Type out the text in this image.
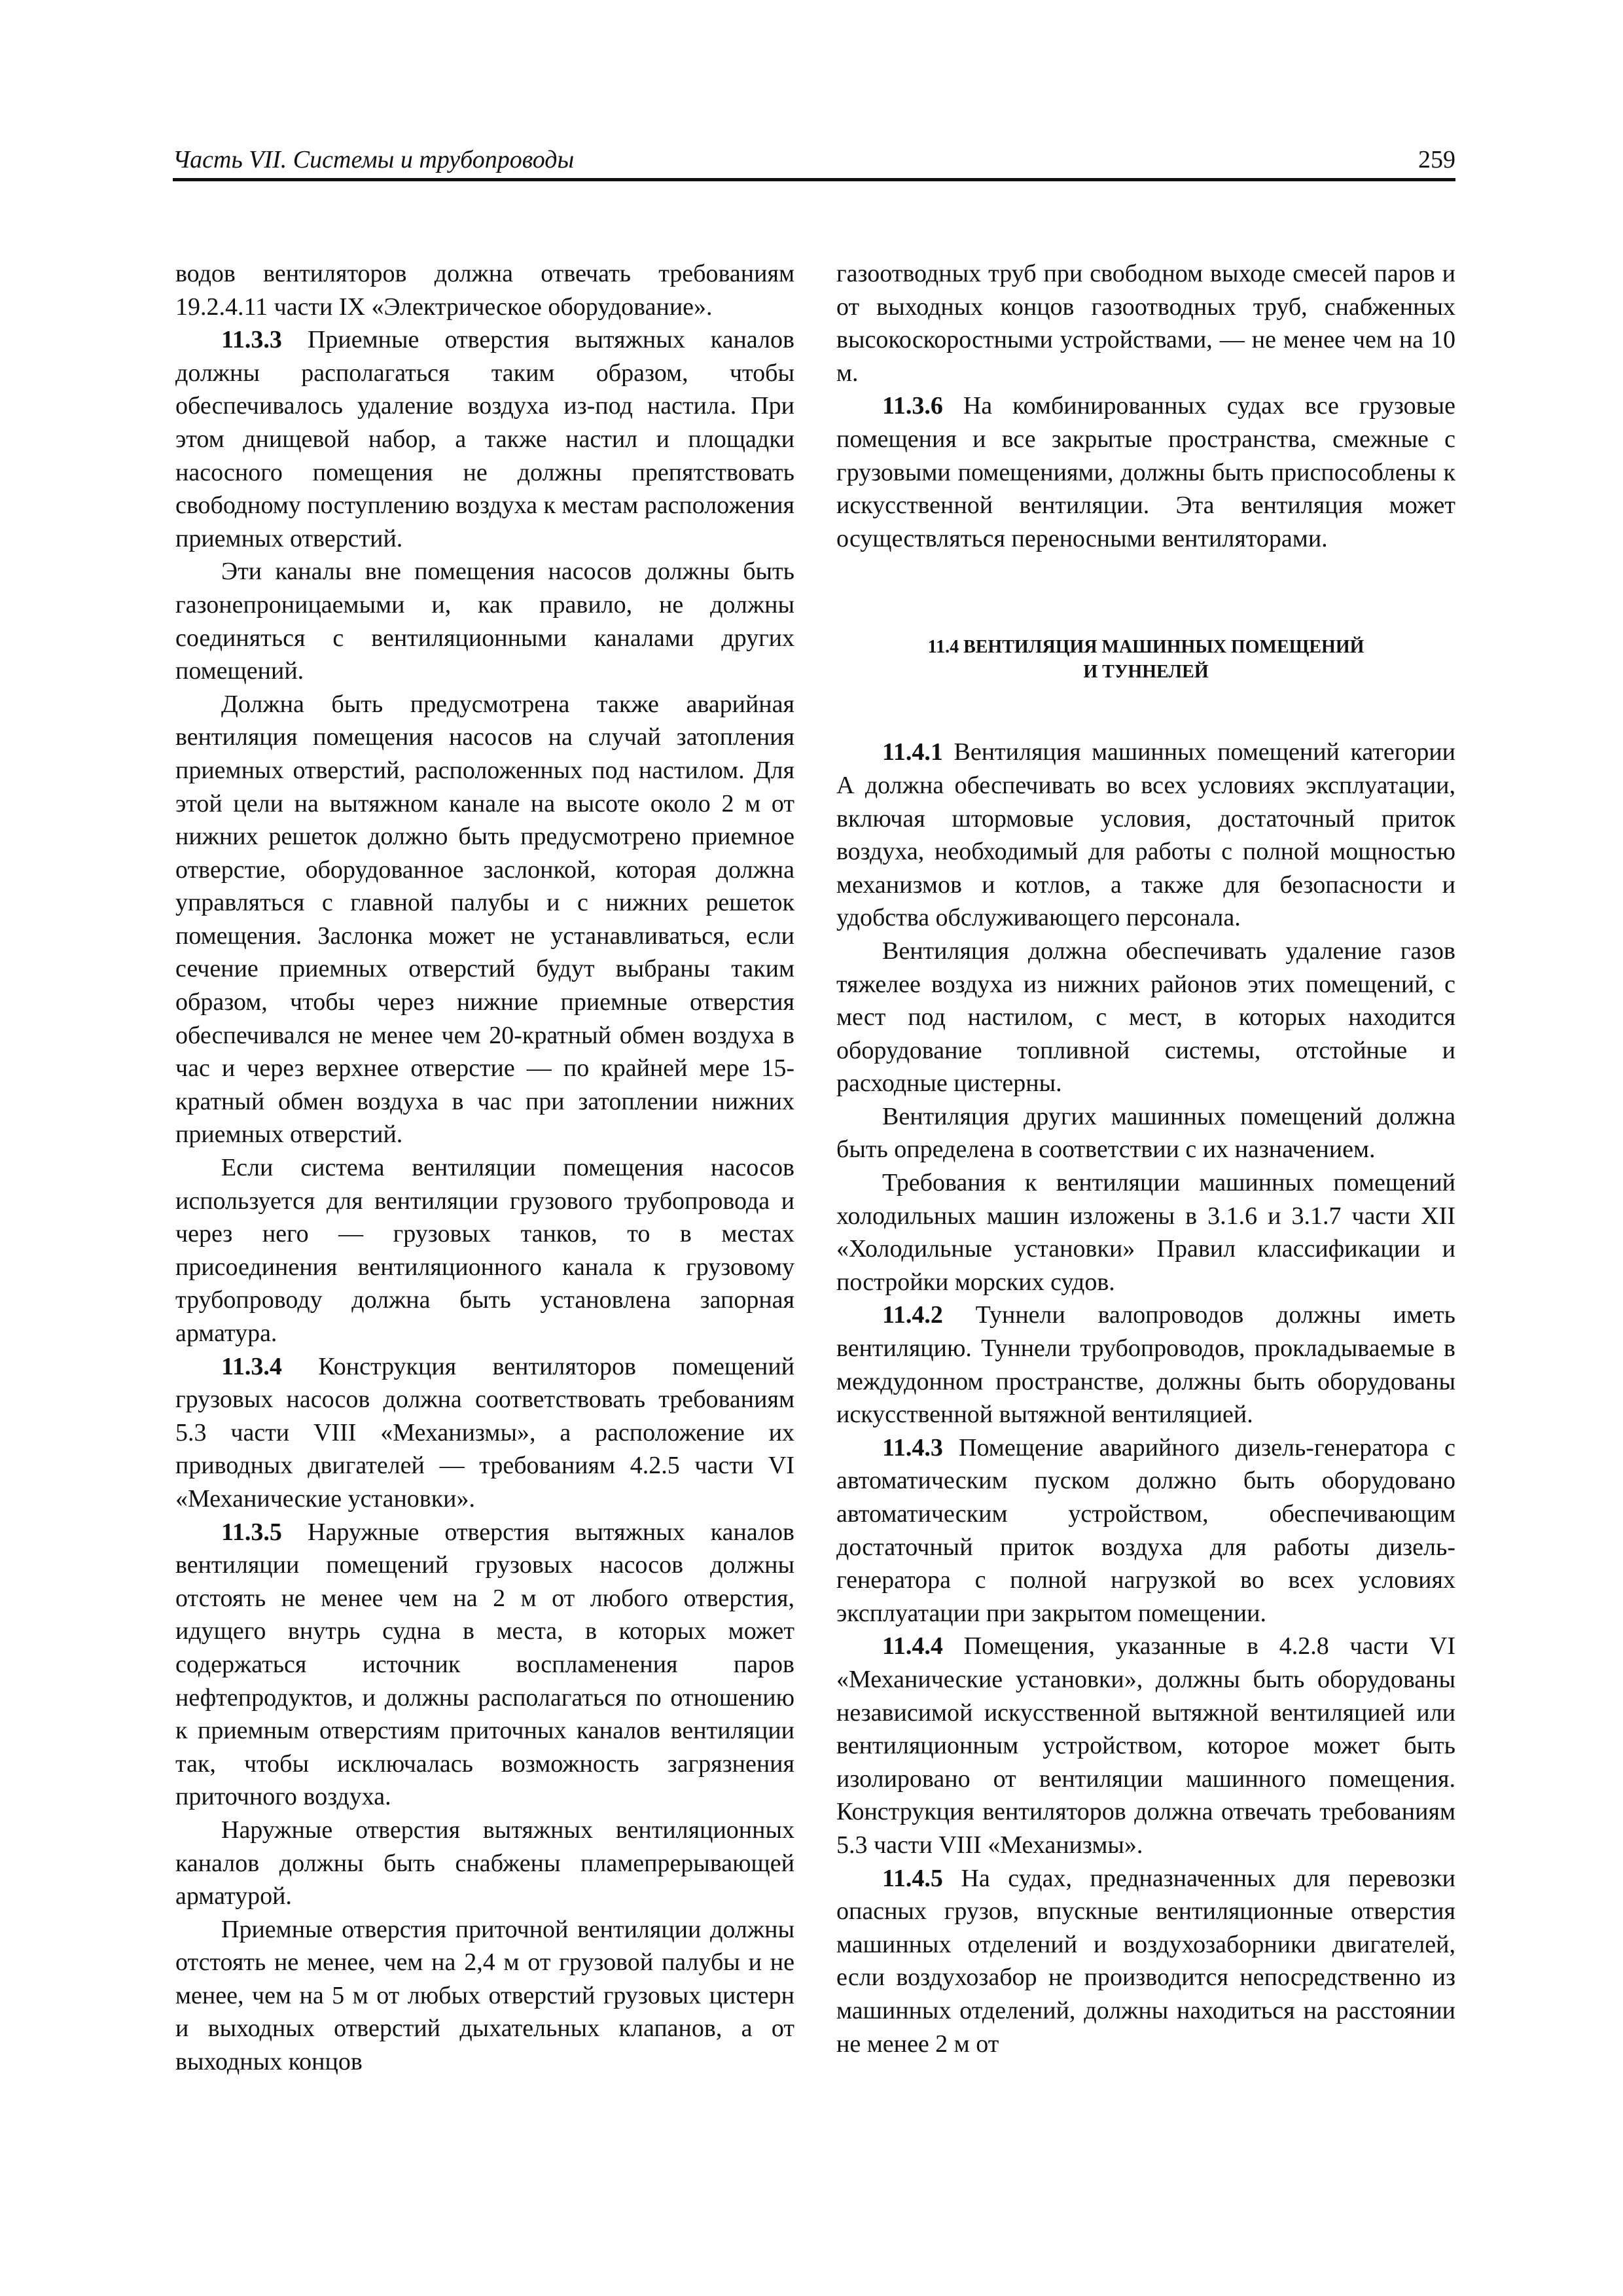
Часть VII. Системы и трубопроводы	259

водов вентиляторов должна отвечать требованиям 19.2.4.11 части IX «Электрическое оборудование».

11.3.3 Приемные отверстия вытяжных каналов должны располагаться таким образом, чтобы обеспечивалось удаление воздуха из-под настила. При этом днищевой набор, а также настил и площадки насосного помещения не должны препятствовать свободному поступлению воздуха к местам расположения приемных отверстий.

Эти каналы вне помещения насосов должны быть газонепроницаемыми и, как правило, не должны соединяться с вентиляционными каналами других помещений.

Должна быть предусмотрена также аварийная вентиляция помещения насосов на случай затопления приемных отверстий, расположенных под настилом. Для этой цели на вытяжном канале на высоте около 2 м от нижних решеток должно быть предусмотрено приемное отверстие, оборудованное заслонкой, которая должна управляться с главной палубы и с нижних решеток помещения. Заслонка может не устанавливаться, если сечение приемных отверстий будут выбраны таким образом, чтобы через нижние приемные отверстия обеспечивался не менее чем 20-кратный обмен воздуха в час и через верхнее отверстие — по крайней мере 15-кратный обмен воздуха в час при затоплении нижних приемных отверстий.

Если система вентиляции помещения насосов используется для вентиляции грузового трубопровода и через него — грузовых танков, то в местах присоединения вентиляционного канала к грузовому трубопроводу должна быть установлена запорная арматура.

11.3.4 Конструкция вентиляторов помещений грузовых насосов должна соответствовать требованиям 5.3 части VIII «Механизмы», а расположение их приводных двигателей — требованиям 4.2.5 части VI «Механические установки».

11.3.5 Наружные отверстия вытяжных каналов вентиляции помещений грузовых насосов должны отстоять не менее чем на 2 м от любого отверстия, идущего внутрь судна в места, в которых может содержаться источник воспламенения паров нефтепродуктов, и должны располагаться по отношению к приемным отверстиям приточных каналов вентиляции так, чтобы исключалась возможность загрязнения приточного воздуха.

Наружные отверстия вытяжных вентиляционных каналов должны быть снабжены пламепрерывающей арматурой.

Приемные отверстия приточной вентиляции должны отстоять не менее, чем на 2,4 м от грузовой палубы и не менее, чем на 5 м от любых отверстий грузовых цистерн и выходных отверстий дыхательных клапанов, а от выходных концов

газоотводных труб при свободном выходе смесей паров и от выходных концов газоотводных труб, снабженных высокоскоростными устройствами, — не менее чем на 10 м.

11.3.6 На комбинированных судах все грузовые помещения и все закрытые пространства, смежные с грузовыми помещениями, должны быть приспособлены к искусственной вентиляции. Эта вентиляция может осуществляться переносными вентиляторами.

11.4 ВЕНТИЛЯЦИЯ МАШИННЫХ ПОМЕЩЕНИЙ
И ТУННЕЛЕЙ

11.4.1 Вентиляция машинных помещений категории А должна обеспечивать во всех условиях эксплуатации, включая штормовые условия, достаточный приток воздуха, необходимый для работы с полной мощностью механизмов и котлов, а также для безопасности и удобства обслуживающего персонала.

Вентиляция должна обеспечивать удаление газов тяжелее воздуха из нижних районов этих помещений, с мест под настилом, с мест, в которых находится оборудование топливной системы, отстойные и расходные цистерны.

Вентиляция других машинных помещений должна быть определена в соответствии с их назначением.

Требования к вентиляции машинных помещений холодильных машин изложены в 3.1.6 и 3.1.7 части XII «Холодильные установки» Правил классификации и постройки морских судов.

11.4.2 Туннели валопроводов должны иметь вентиляцию. Туннели трубопроводов, прокладываемые в междудонном пространстве, должны быть оборудованы искусственной вытяжной вентиляцией.

11.4.3 Помещение аварийного дизель-генератора с автоматическим пуском должно быть оборудовано автоматическим устройством, обеспечивающим достаточный приток воздуха для работы дизель-генератора с полной нагрузкой во всех условиях эксплуатации при закрытом помещении.

11.4.4 Помещения, указанные в 4.2.8 части VI «Механические установки», должны быть оборудованы независимой искусственной вытяжной вентиляцией или вентиляционным устройством, которое может быть изолировано от вентиляции машинного помещения. Конструкция вентиляторов должна отвечать требованиям 5.3 части VIII «Механизмы».

11.4.5 На судах, предназначенных для перевозки опасных грузов, впускные вентиляционные отверстия машинных отделений и воздухозаборники двигателей, если воздухозабор не производится непосредственно из машинных отделений, должны находиться на расстоянии не менее 2 м от
